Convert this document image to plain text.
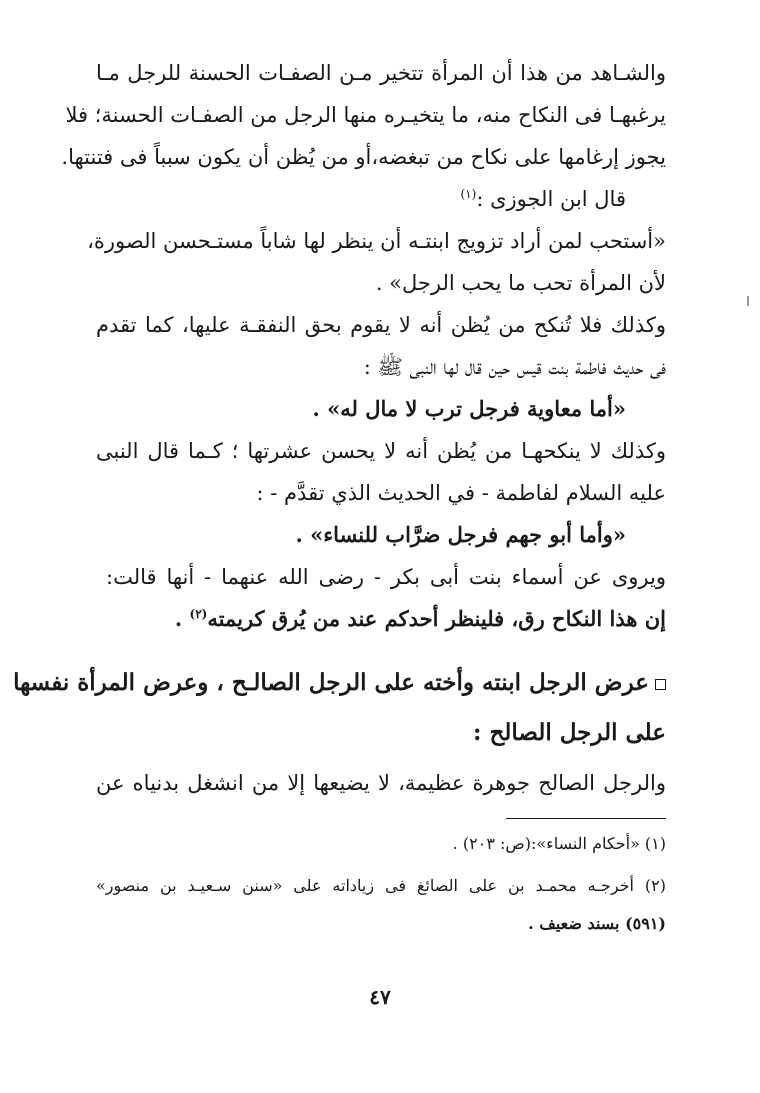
والشـاهد من هذا أن المرأة تتخير مـن الصفـات الحسنة للرجل مـا
يرغبهـا فى النكاح منه، ما يتخيـره منها الرجل من الصفـات الحسنة؛ فلا
يجوز إرغامها على نكاح من تبغضه،أو من يُظن أن يكون سبباً فى فتنتها.
قال ابن الجوزى :$^{(١)}$
«أستحب لمن أراد تزويج ابنتـه أن ينظر لها شاباً مستـحسن الصورة،
لأن المرأة تحب ما يحب الرجل» .
وكذلك فلا تُنكح من يُظن أنه لا يقوم بحق النفقـة عليها، كما تقدم
فى حديث فاطمة بنت قيس حين قال لها النبى ﷺ :
«أما معاوية فرجل ترب لا مال له» .
وكذلك لا ينكحهـا من يُظن أنه لا يحسن عشرتها ؛ كـما قال النبى
عليه السلام لفاطمة - في الحديث الذي تقدَّم - :
«وأما أبو جهم فرجل ضرَّاب للنساء» .
ويروى عن أسماء بنت أبى بكر - رضى الله عنهما - أنها قالت:
إن هذا النكاح رق، فلينظر أحدكم عند من يُرق كريمته$^{(٢)}$ .
عرض الرجل ابنته وأخته على الرجل الصالـح ، وعرض المرأة نفسها
على الرجل الصالح :
والرجل الصالح جوهرة عظيمة، لا يضيعها إلا من انشغل بدنياه عن
(١) «أحكام النساء»:(ص: ٢٠٣) .
(٢) أخرجـه محمـد بن على الصائغ فى زياداته على «سنن سـعيـد بن منصور»
(٥٩١) بسند ضعيف .
٤٧
